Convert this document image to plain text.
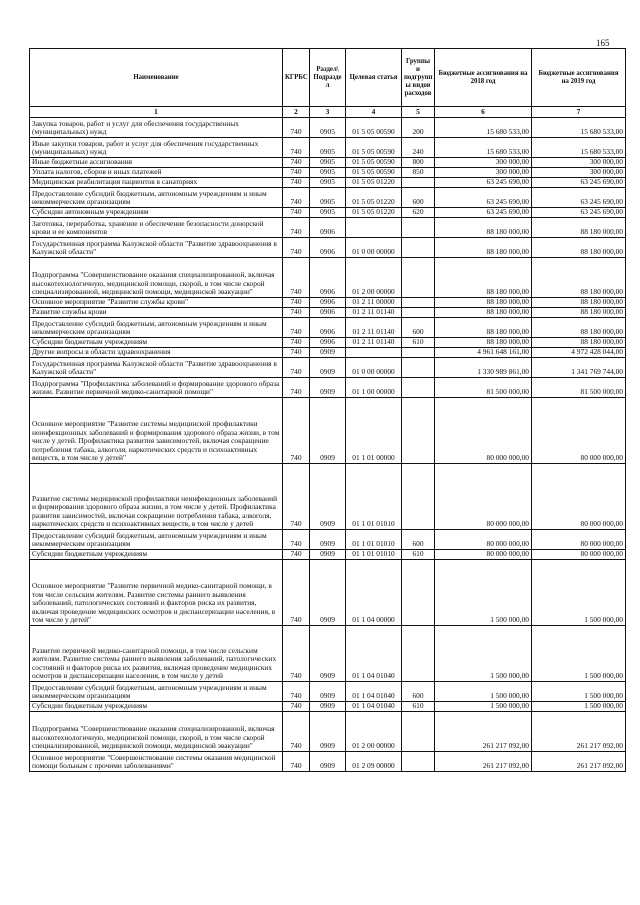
165
Наименование	КГРБС	Раздел\ Подразде л	Целевая статья	Группы и подгрупп ы видов расходов	Бюджетные ассигнования на 2018 год	Бюджетные ассигнования на 2019 год
1	2	3	4	5	6	7
Закупка товаров, работ и услуг для обеспечения государственных (муниципальных) нужд	740	0905	01 5 05 00590	200	15 680 533,00	15 680 533,00
Иные закупки товаров, работ и услуг для обеспечения государственных (муниципальных) нужд	740	0905	01 5 05 00590	240	15 680 533,00	15 680 533,00
Иные бюджетные ассигнования	740	0905	01 5 05 00590	800	300 000,00	300 000,00
Уплата налогов, сборов и иных платежей	740	0905	01 5 05 00590	850	300 000,00	300 000,00
Медицинская реабилитация пациентов в санаториях	740	0905	01 5 05 01220		63 245 690,00	63 245 690,00
Предоставление субсидий бюджетным, автономным учреждениям и иным некоммерческим организациям	740	0905	01 5 05 01220	600	63 245 690,00	63 245 690,00
Субсидии автономным учреждениям	740	0905	01 5 05 01220	620	63 245 690,00	63 245 690,00
Заготовка, переработка, хранение и обеспечение безопасности донорской крови и ее компонентов	740	0906			88 180 000,00	88 180 000,00
Государственная программа Калужской области "Развитие здравоохранения в Калужской области"	740	0906	01 0 00 00000		88 180 000,00	88 180 000,00
Подпрограмма "Совершенствование оказания специализированной, включая высокотехнологичную, медицинской помощи, скорой, в том числе скорой специализированной, медицинской помощи, медицинской эвакуации"	740	0906	01 2 00 00000		88 180 000,00	88 180 000,00
Основное мероприятие "Развитие службы крови"	740	0906	01 2 11 00000		88 180 000,00	88 180 000,00
Развитие службы крови	740	0906	01 2 11 01140		88 180 000,00	88 180 000,00
Предоставление субсидий бюджетным, автономным учреждениям и иным некоммерческим организациям	740	0906	01 2 11 01140	600	88 180 000,00	88 180 000,00
Субсидии бюджетным учреждениям	740	0906	01 2 11 01140	610	88 180 000,00	88 180 000,00
Другие вопросы в области здравоохранения	740	0909			4 961 648 161,00	4 972 428 044,00
Государственная программа Калужской области "Развитие здравоохранения в Калужской области"	740	0909	01 0 00 00000		1 330 989 861,00	1 341 769 744,00
Подпрограмма "Профилактика заболеваний и формирование здорового образа жизни. Развитие первичной медико-санитарной помощи"	740	0909	01 1 00 00000		81 500 000,00	81 500 000,00
Основное мероприятие "Развитие системы медицинской профилактики неинфекционных заболеваний и формирования здорового образа жизни, в том числе у детей. Профилактика развития зависимостей, включая сокращение потребления табака, алкоголя, наркотических средств и психоактивных веществ, в том числе у детей"	740	0909	01 1 01 00000		80 000 000,00	80 000 000,00
Развитие системы медицинской профилактики неинфекционных заболеваний и формирования здорового образа жизни, в том числе у детей. Профилактика развития зависимостей, включая сокращение потребления табака, алкоголя, наркотических средств и психоактивных веществ, в том числе у детей	740	0909	01 1 01 01010		80 000 000,00	80 000 000,00
Предоставление субсидий бюджетным, автономным учреждениям и иным некоммерческим организациям	740	0909	01 1 01 01010	600	80 000 000,00	80 000 000,00
Субсидии бюджетным учреждениям	740	0909	01 1 01 01010	610	80 000 000,00	80 000 000,00
Основное мероприятие "Развитие первичной медико-санитарной помощи, в том числе сельским жителям. Развитие системы раннего выявления заболеваний, патологических состояний и факторов риска их развития, включая проведение медицинских осмотров и диспансеризации населения, в том числе у детей"	740	0909	01 1 04 00000		1 500 000,00	1 500 000,00
Развитие первичной медико-санитарной помощи, в том числе сельским жителям. Развитие системы раннего выявления заболеваний, патологических состояний и факторов риска их развития, включая проведение медицинских осмотров и диспансеризации населения, в том числе у детей	740	0909	01 1 04 01040		1 500 000,00	1 500 000,00
Предоставление субсидий бюджетным, автономным учреждениям и иным некоммерческим организациям	740	0909	01 1 04 01040	600	1 500 000,00	1 500 000,00
Субсидии бюджетным учреждениям	740	0909	01 1 04 01040	610	1 500 000,00	1 500 000,00
Подпрограмма "Совершенствование оказания специализированной, включая высокотехнологичную, медицинской помощи, скорой, в том числе скорой специализированной, медицинской помощи, медицинской эвакуации"	740	0909	01 2 00 00000		261 217 092,00	261 217 092,00
Основное мероприятие "Совершенствование системы оказания медицинской помощи больным с прочими заболеваниями"	740	0909	01 2 09 00000		261 217 092,00	261 217 092,00
